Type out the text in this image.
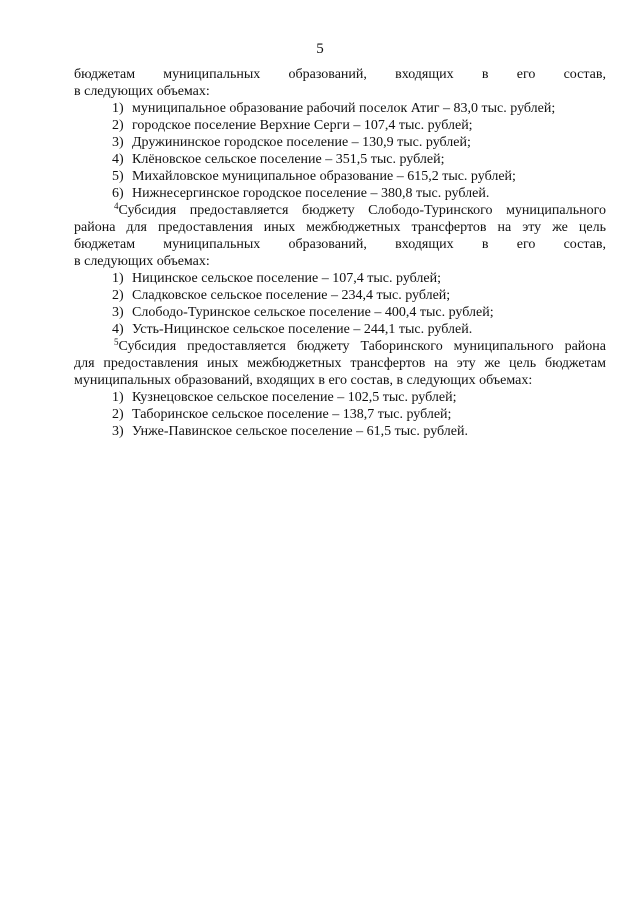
5

бюджетам муниципальных образований, входящих в его состав,
в следующих объемах:

1) муниципальное образование рабочий поселок Атиг – 83,0 тыс. рублей;
2) городское поселение Верхние Серги – 107,4 тыс. рублей;
3) Дружининское городское поселение – 130,9 тыс. рублей;
4) Клёновское сельское поселение – 351,5 тыс. рублей;
5) Михайловское муниципальное образование – 615,2 тыс. рублей;
6) Нижнесергинское городское поселение – 380,8 тыс. рублей.

$^4$Субсидия предоставляется бюджету Слободо-Туринского муниципального
района для предоставления иных межбюджетных трансфертов на эту же цель
бюджетам муниципальных образований, входящих в его состав,
в следующих объемах:

1) Ницинское сельское поселение – 107,4 тыс. рублей;
2) Сладковское сельское поселение – 234,4 тыс. рублей;
3) Слободо-Туринское сельское поселение – 400,4 тыс. рублей;
4) Усть-Ницинское сельское поселение – 244,1 тыс. рублей.

$^5$Субсидия предоставляется бюджету Таборинского муниципального района
для предоставления иных межбюджетных трансфертов на эту же цель бюджетам
муниципальных образований, входящих в его состав, в следующих объемах:

1) Кузнецовское сельское поселение – 102,5 тыс. рублей;
2) Таборинское сельское поселение – 138,7 тыс. рублей;
3) Унже-Павинское сельское поселение – 61,5 тыс. рублей.
